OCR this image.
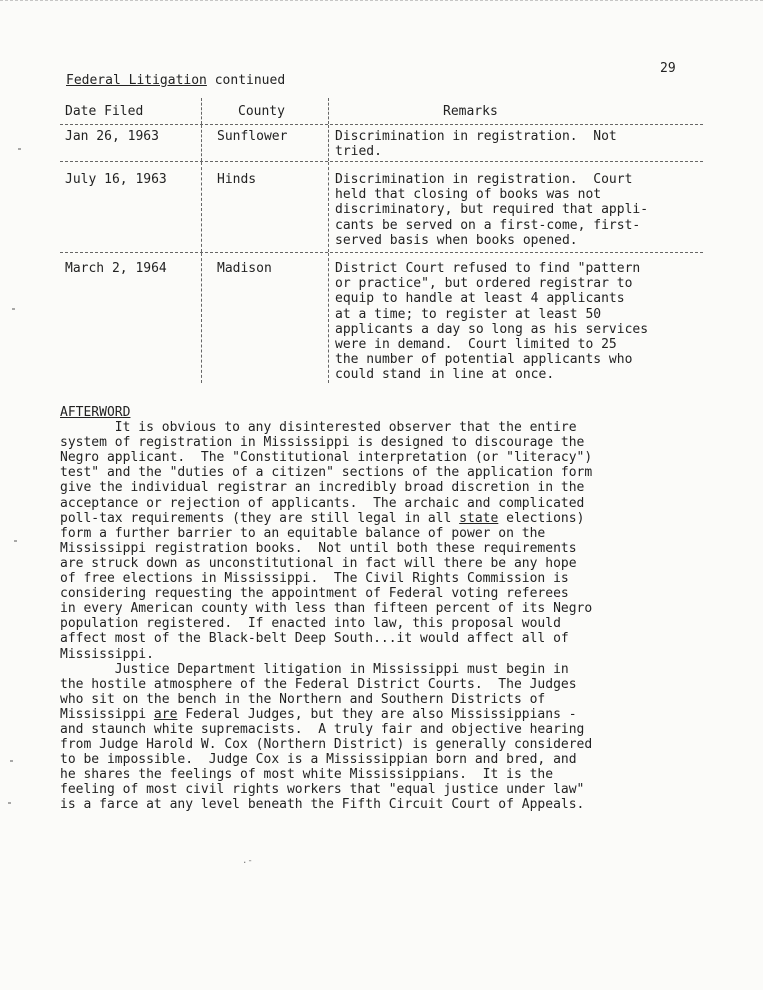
29
Federal Litigation continued
Date Filed	County	Remarks
Jan 26, 1963	Sunflower	Discrimination in registration.  Not
tried.
July 16, 1963	Hinds	Discrimination in registration.  Court
held that closing of books was not
discriminatory, but required that appli-
cants be served on a first-come, first-
served basis when books opened.
March 2, 1964	Madison	District Court refused to find "pattern
or practice", but ordered registrar to
equip to handle at least 4 applicants
at a time; to register at least 50
applicants a day so long as his services
were in demand.  Court limited to 25
the number of potential applicants who
could stand in line at once.
AFTERWORD
It is obvious to any disinterested observer that the entire
system of registration in Mississippi is designed to discourage the
Negro applicant.  The "Constitutional interpretation (or "literacy")
test" and the "duties of a citizen" sections of the application form
give the individual registrar an incredibly broad discretion in the
acceptance or rejection of applicants.  The archaic and complicated
poll-tax requirements (they are still legal in all state elections)
form a further barrier to an equitable balance of power on the
Mississippi registration books.  Not until both these requirements
are struck down as unconstitutional in fact will there be any hope
of free elections in Mississippi.  The Civil Rights Commission is
considering requesting the appointment of Federal voting referees
in every American county with less than fifteen percent of its Negro
population registered.  If enacted into law, this proposal would
affect most of the Black-belt Deep South...it would affect all of
Mississippi.
Justice Department litigation in Mississippi must begin in
the hostile atmosphere of the Federal District Courts.  The Judges
who sit on the bench in the Northern and Southern Districts of
Mississippi are Federal Judges, but they are also Mississippians -
and staunch white supremacists.  A truly fair and objective hearing
from Judge Harold W. Cox (Northern District) is generally considered
to be impossible.  Judge Cox is a Mississippian born and bred, and
he shares the feelings of most white Mississippians.  It is the
feeling of most civil rights workers that "equal justice under law"
is a farce at any level beneath the Fifth Circuit Court of Appeals.
.-
